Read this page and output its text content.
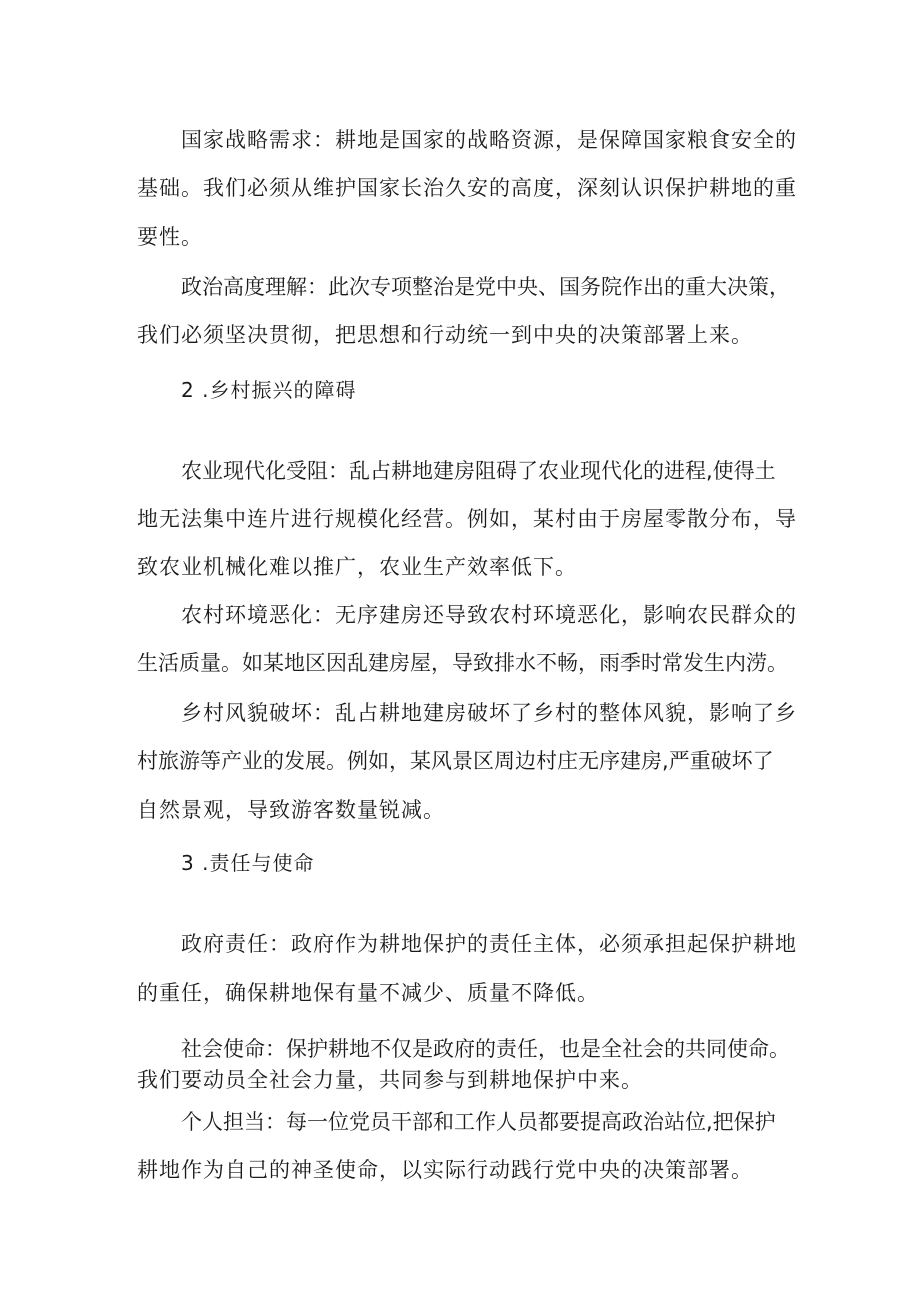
国家战略需求：耕地是国家的战略资源，是保障国家粮食安全的
基础。我们必须从维护国家长治久安的高度，深刻认识保护耕地的重
要性。
政治高度理解：此次专项整治是党中央、国务院作出的重大决策，
我们必须坚决贯彻，把思想和行动统一到中央的决策部署上来。
2 .乡村振兴的障碍
农业现代化受阻：乱占耕地建房阻碍了农业现代化的进程,使得土
地无法集中连片进行规模化经营。例如，某村由于房屋零散分布，导
致农业机械化难以推广，农业生产效率低下。
农村环境恶化：无序建房还导致农村环境恶化，影响农民群众的
生活质量。如某地区因乱建房屋，导致排水不畅，雨季时常发生内涝。
乡村风貌破坏：乱占耕地建房破坏了乡村的整体风貌，影响了乡
村旅游等产业的发展。例如，某风景区周边村庄无序建房,严重破坏了
自然景观，导致游客数量锐减。
3 .责任与使命
政府责任：政府作为耕地保护的责任主体，必须承担起保护耕地
的重任，确保耕地保有量不减少、质量不降低。
社会使命：保护耕地不仅是政府的责任，也是全社会的共同使命。
我们要动员全社会力量，共同参与到耕地保护中来。
个人担当：每一位党员干部和工作人员都要提高政治站位,把保护
耕地作为自己的神圣使命，以实际行动践行党中央的决策部署。
